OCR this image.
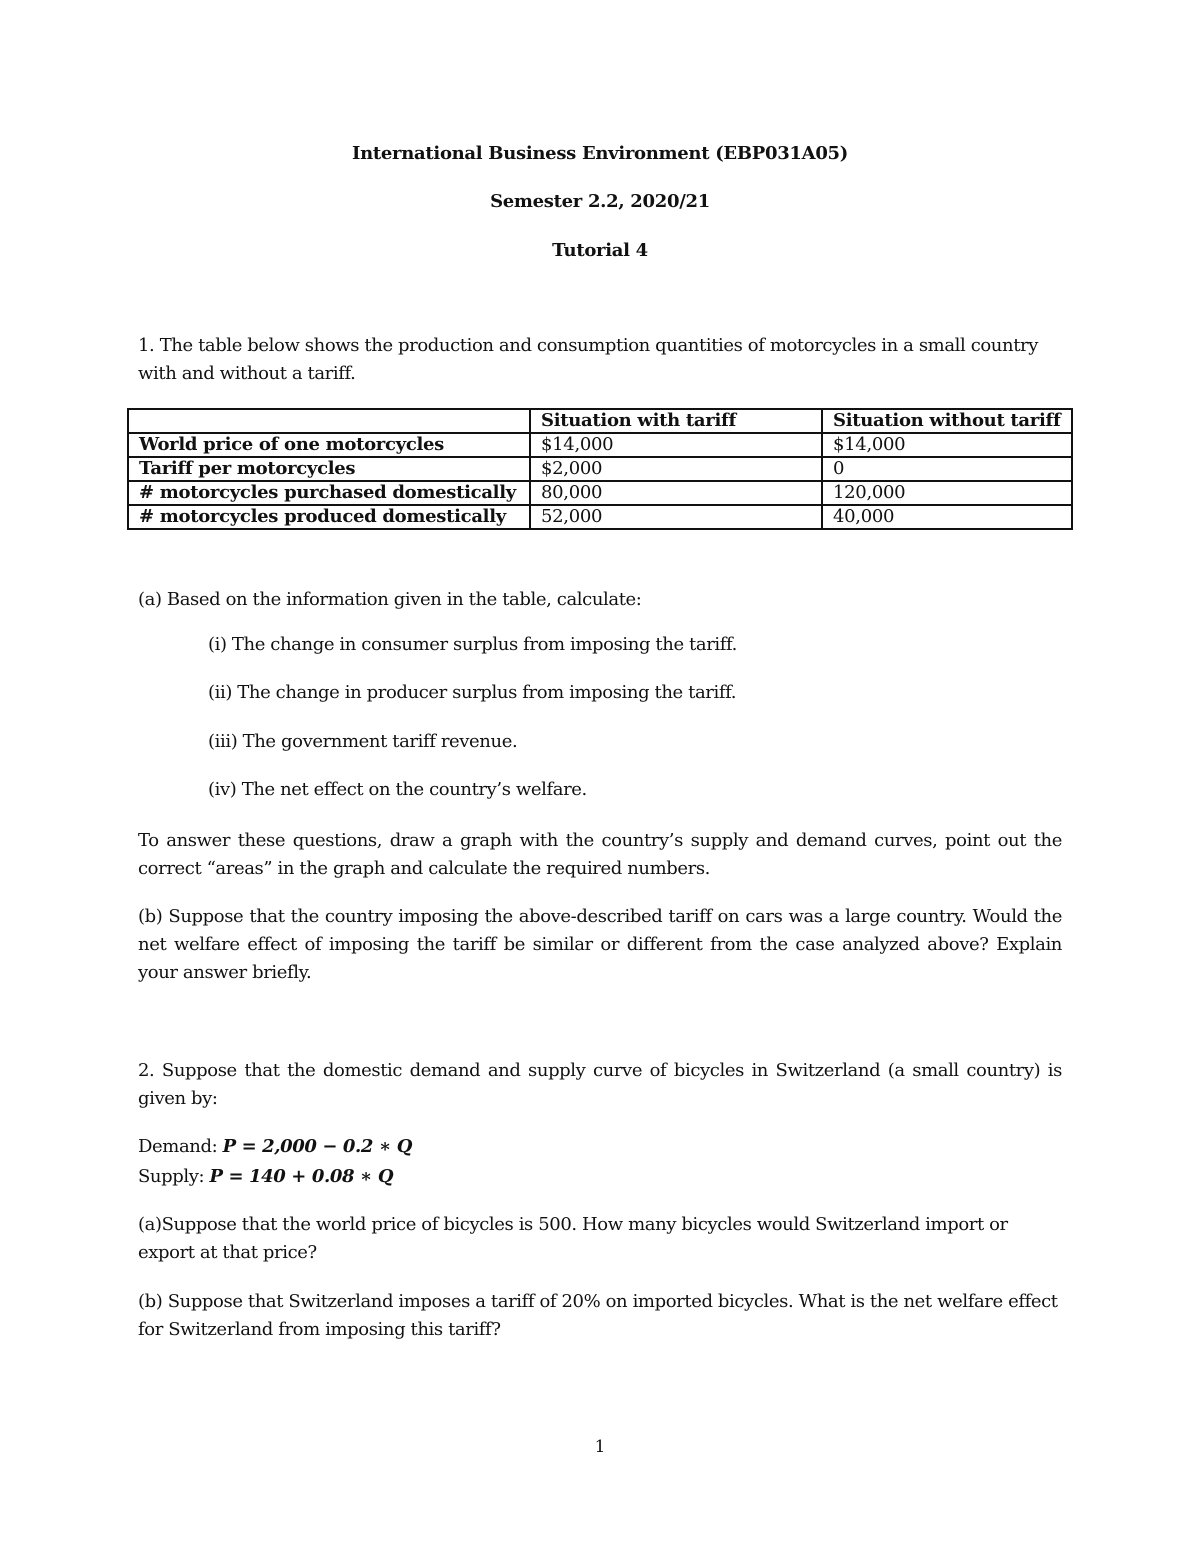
International Business Environment (EBP031A05)
Semester 2.2, 2020/21
Tutorial 4
1. The table below shows the production and consumption quantities of motorcycles in a small country with and without a tariff.
	Situation with tariff	Situation without tariff
World price of one motorcycles	$14,000	$14,000
Tariff per motorcycles	$2,000	0
# motorcycles purchased domestically	80,000	120,000
# motorcycles produced domestically	52,000	40,000
(a) Based on the information given in the table, calculate:
(i) The change in consumer surplus from imposing the tariff.
(ii) The change in producer surplus from imposing the tariff.
(iii) The government tariff revenue.
(iv) The net effect on the country’s welfare.
To answer these questions, draw a graph with the country’s supply and demand curves, point out the correct “areas” in the graph and calculate the required numbers.
(b) Suppose that the country imposing the above-described tariff on cars was a large country. Would the net welfare effect of imposing the tariff be similar or different from the case analyzed above? Explain your answer briefly.
2. Suppose that the domestic demand and supply curve of bicycles in Switzerland (a small country) is given by:
Demand: P = 2,000 − 0.2 ∗ Q
Supply: P = 140 + 0.08 ∗ Q
(a)Suppose that the world price of bicycles is 500. How many bicycles would Switzerland import or export at that price?
(b) Suppose that Switzerland imposes a tariff of 20% on imported bicycles. What is the net welfare effect for Switzerland from imposing this tariff?
1
